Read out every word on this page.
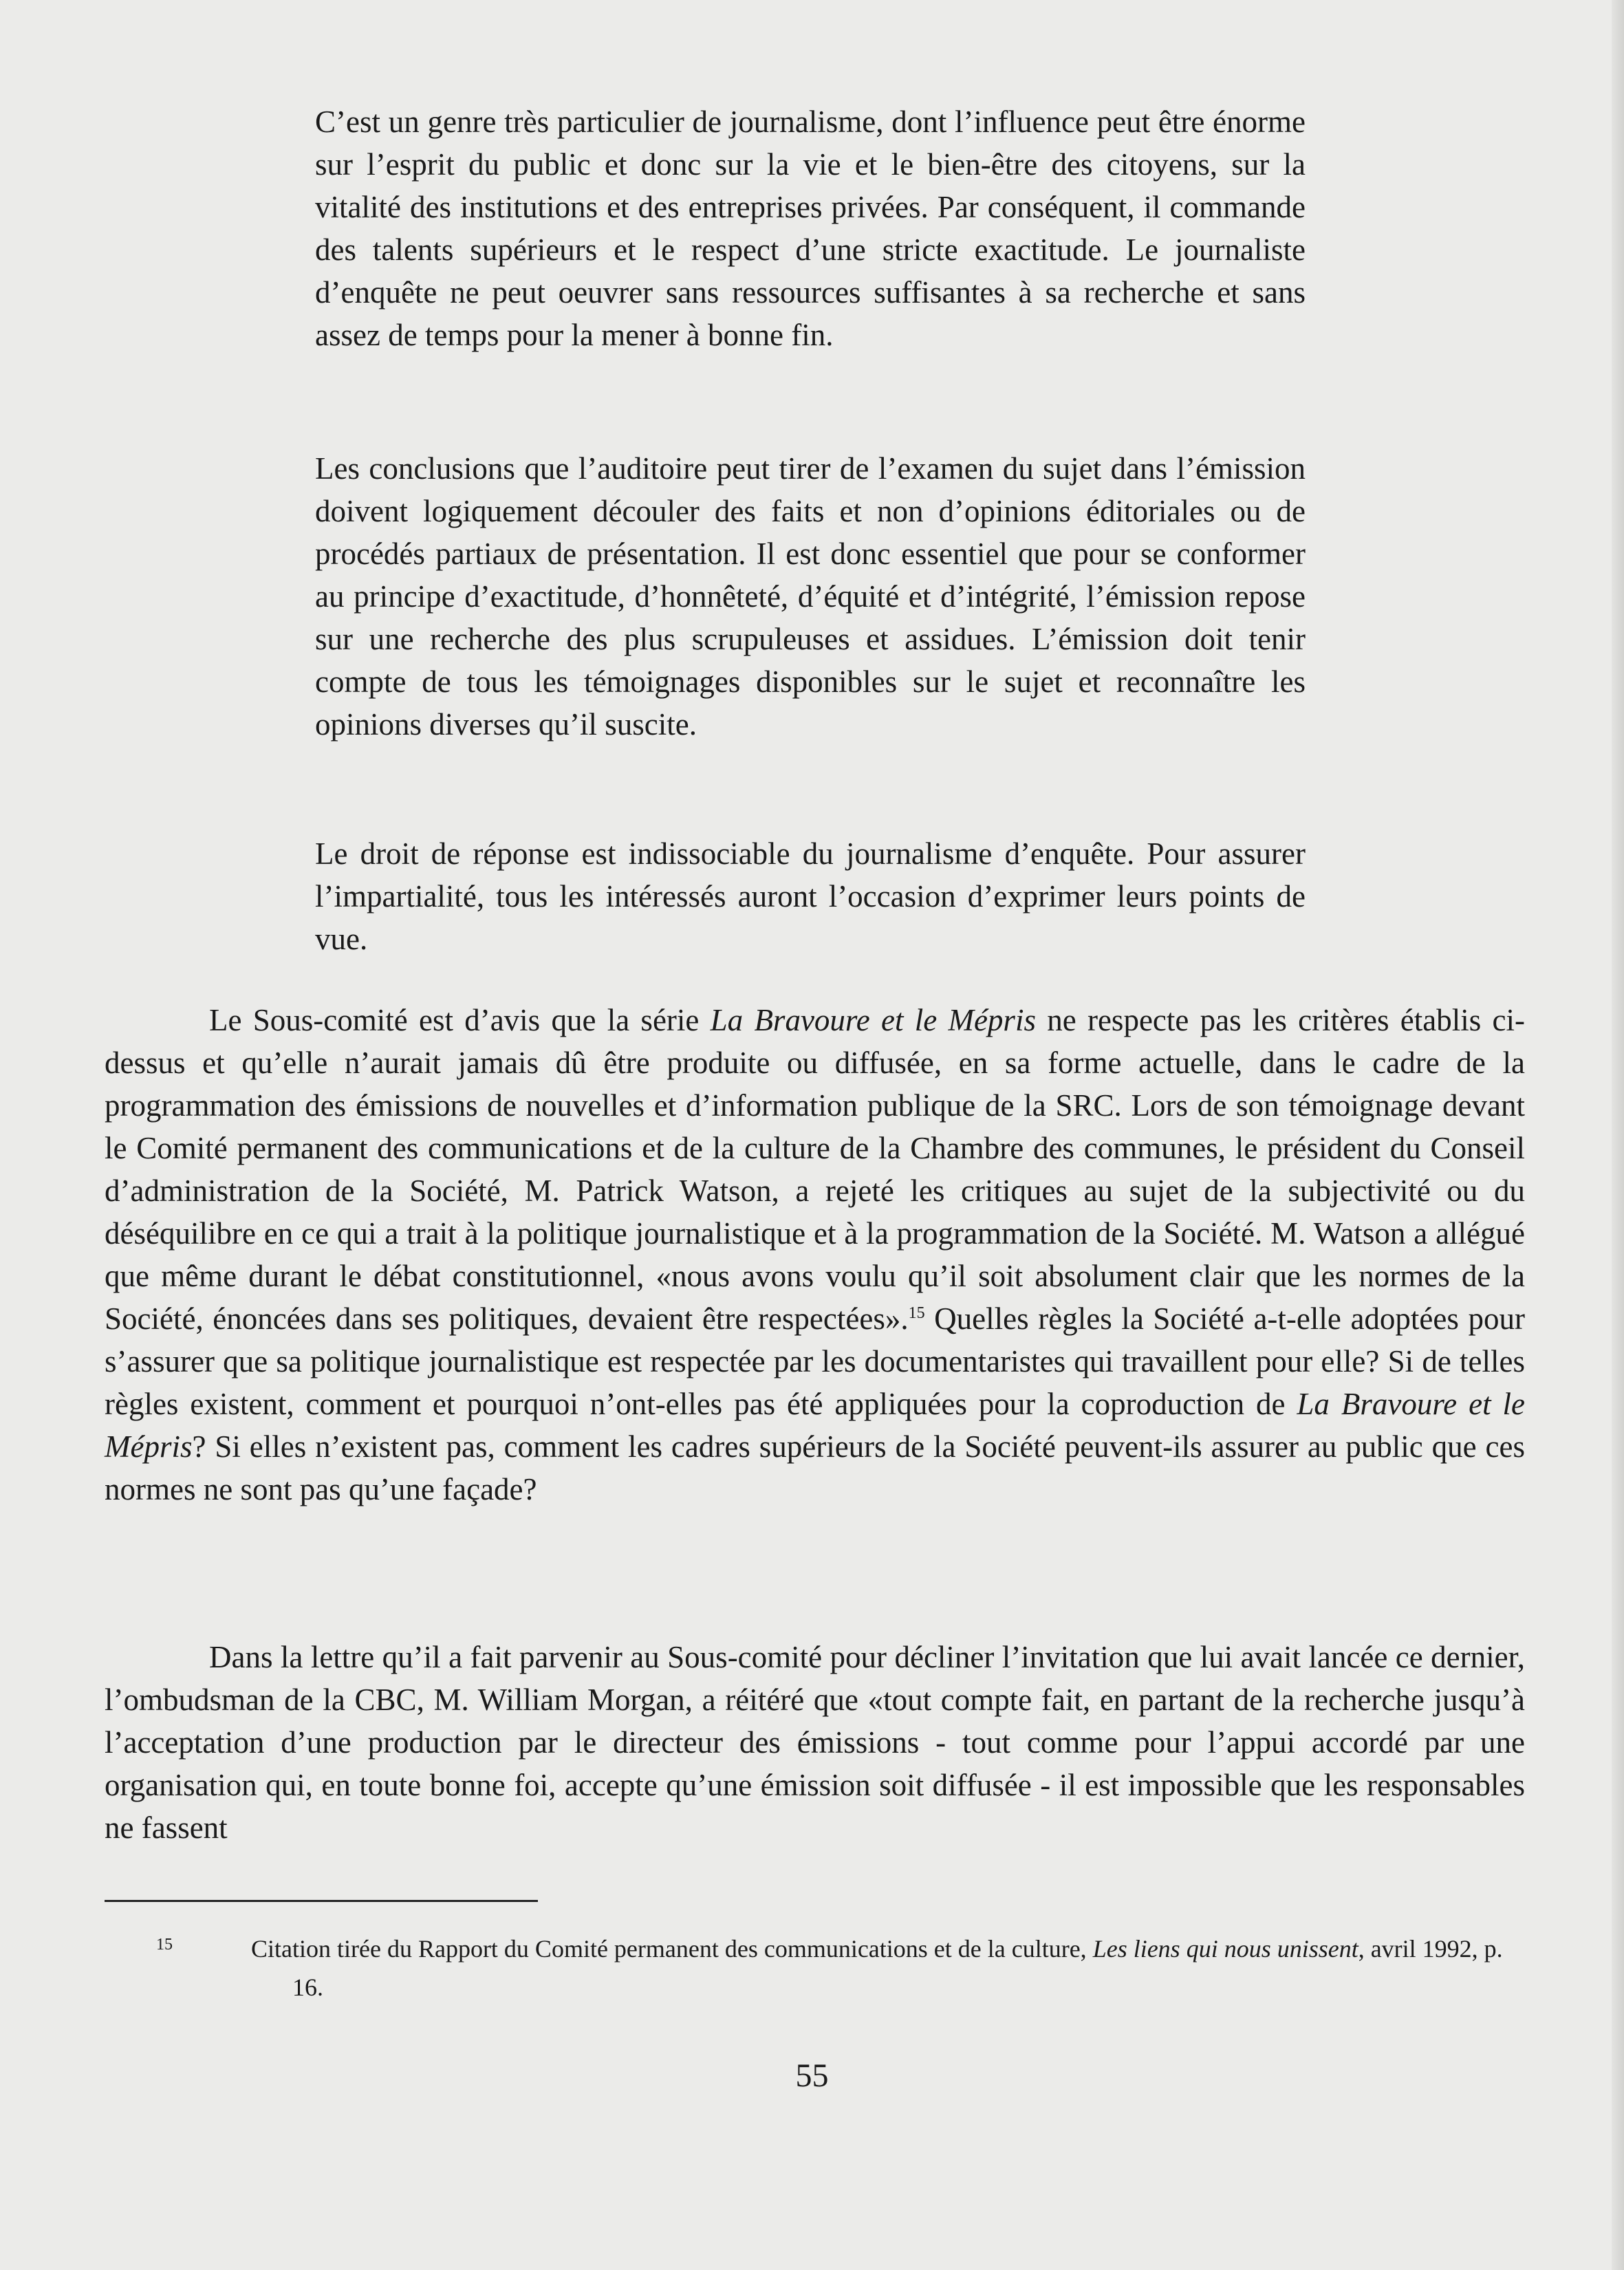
C’est un genre très particulier de journalisme, dont l’influence peut être énorme sur l’esprit du public et donc sur la vie et le bien-être des citoyens, sur la vitalité des institutions et des entreprises privées. Par conséquent, il commande des talents supérieurs et le respect d’une stricte exactitude. Le journaliste d’enquête ne peut oeuvrer sans ressources suffisantes à sa recherche et sans assez de temps pour la mener à bonne fin.

Les conclusions que l’auditoire peut tirer de l’examen du sujet dans l’émission doivent logiquement découler des faits et non d’opinions éditoriales ou de procédés partiaux de présentation. Il est donc essentiel que pour se conformer au principe d’exactitude, d’honnêteté, d’équité et d’intégrité, l’émission repose sur une recherche des plus scrupuleuses et assidues. L’émission doit tenir compte de tous les témoignages disponibles sur le sujet et reconnaître les opinions diverses qu’il suscite.

Le droit de réponse est indissociable du journalisme d’enquête. Pour assurer l’impartialité, tous les intéressés auront l’occasion d’exprimer leurs points de vue.

Le Sous-comité est d’avis que la série La Bravoure et le Mépris ne respecte pas les critères établis ci-dessus et qu’elle n’aurait jamais dû être produite ou diffusée, en sa forme actuelle, dans le cadre de la programmation des émissions de nouvelles et d’information publique de la SRC. Lors de son témoignage devant le Comité permanent des communications et de la culture de la Chambre des communes, le président du Conseil d’administration de la Société, M. Patrick Watson, a rejeté les critiques au sujet de la subjectivité ou du déséquilibre en ce qui a trait à la politique journalistique et à la programmation de la Société. M. Watson a allégué que même durant le débat constitutionnel, «nous avons voulu qu’il soit absolument clair que les normes de la Société, énoncées dans ses politiques, devaient être respectées».$^{15}$ Quelles règles la Société a-t-elle adoptées pour s’assurer que sa politique journalistique est respectée par les documentaristes qui travaillent pour elle? Si de telles règles existent, comment et pourquoi n’ont-elles pas été appliquées pour la coproduction de La Bravoure et le Mépris? Si elles n’existent pas, comment les cadres supérieurs de la Société peuvent-ils assurer au public que ces normes ne sont pas qu’une façade?

Dans la lettre qu’il a fait parvenir au Sous-comité pour décliner l’invitation que lui avait lancée ce dernier, l’ombudsman de la CBC, M. William Morgan, a réitéré que «tout compte fait, en partant de la recherche jusqu’à l’acceptation d’une production par le directeur des émissions - tout comme pour l’appui accordé par une organisation qui, en toute bonne foi, accepte qu’une émission soit diffusée - il est impossible que les responsables ne fassent

15	Citation tirée du Rapport du Comité permanent des communications et de la culture, Les liens qui nous unissent, avril 1992, p. 16.

55
